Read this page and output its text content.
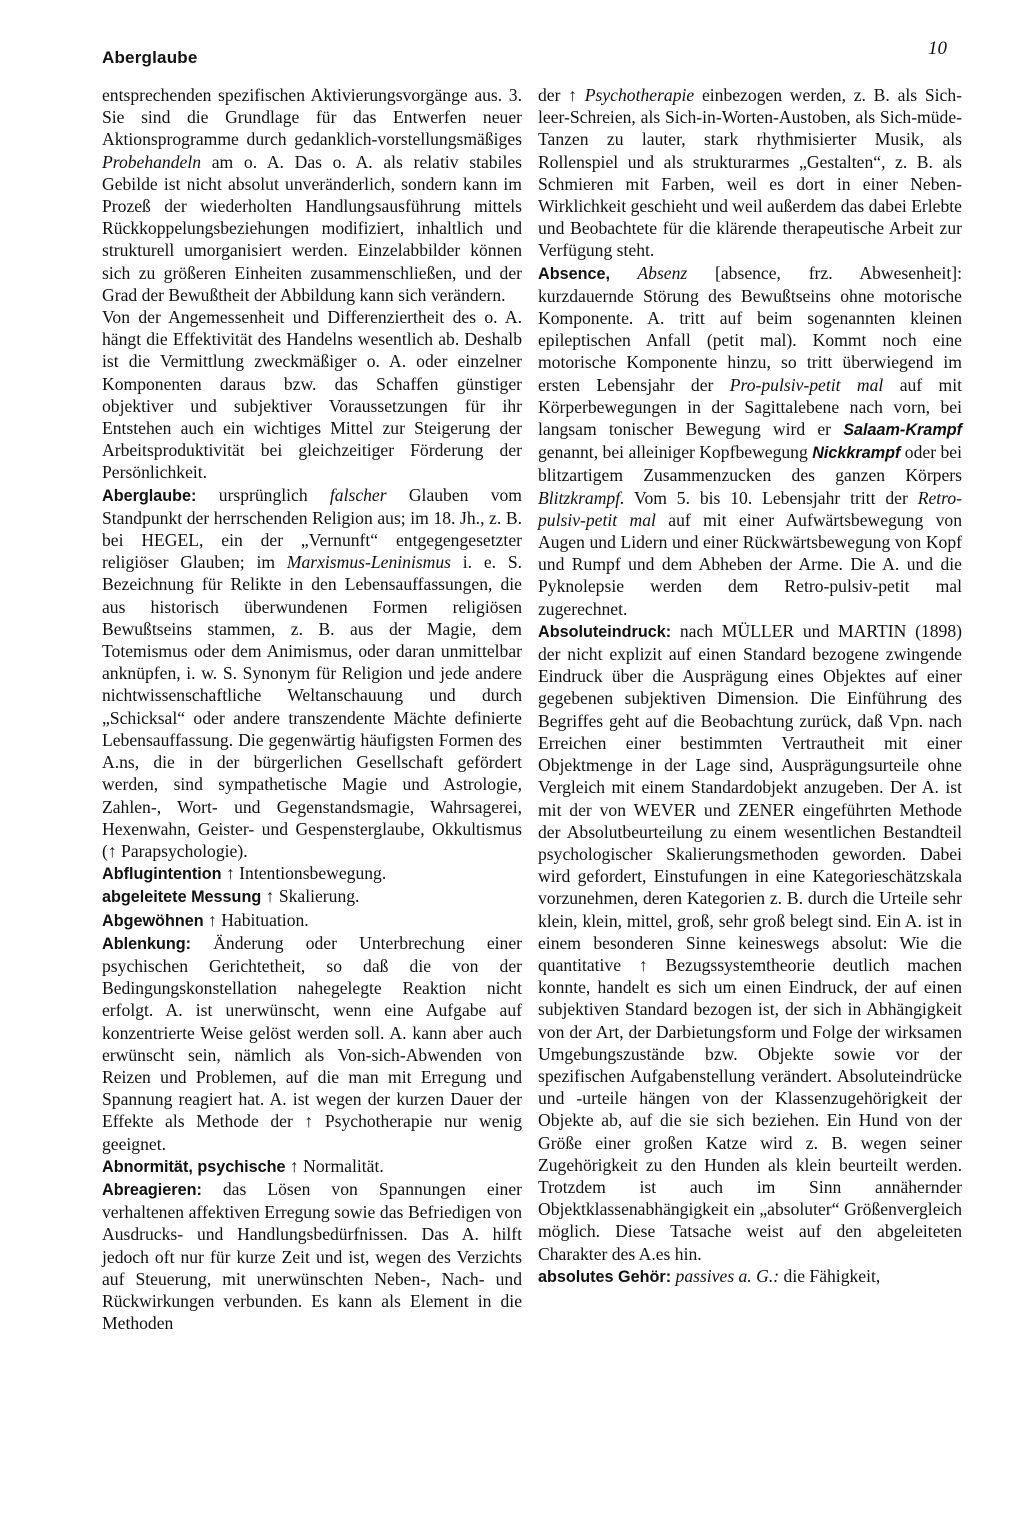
Aberglaube	10

entsprechenden spezifischen Aktivierungsvorgänge aus. 3. Sie sind die Grundlage für das Entwerfen neuer Aktionsprogramme durch gedanklich-vorstellungsmäßiges Probehandeln am o. A. Das o. A. als relativ stabiles Gebilde ist nicht absolut unveränderlich, sondern kann im Prozeß der wiederholten Handlungsausführung mittels Rückkoppelungsbeziehungen modifiziert, inhaltlich und strukturell umorganisiert werden. Einzelabbilder können sich zu größeren Einheiten zusammenschließen, und der Grad der Bewußtheit der Abbildung kann sich verändern.

Von der Angemessenheit und Differenziertheit des o. A. hängt die Effektivität des Handelns wesentlich ab. Deshalb ist die Vermittlung zweckmäßiger o. A. oder einzelner Komponenten daraus bzw. das Schaffen günstiger objektiver und subjektiver Voraussetzungen für ihr Entstehen auch ein wichtiges Mittel zur Steigerung der Arbeitsproduktivität bei gleichzeitiger Förderung der Persönlichkeit.

Aberglaube: ursprünglich falscher Glauben vom Standpunkt der herrschenden Religion aus; im 18. Jh., z. B. bei HEGEL, ein der „Vernunft“ entgegengesetzter religiöser Glauben; im Marxismus-Leninismus i. e. S. Bezeichnung für Relikte in den Lebensauffassungen, die aus historisch überwundenen Formen religiösen Bewußtseins stammen, z. B. aus der Magie, dem Totemismus oder dem Animismus, oder daran unmittelbar anknüpfen, i. w. S. Synonym für Religion und jede andere nichtwissenschaftliche Weltanschauung und durch „Schicksal“ oder andere transzendente Mächte definierte Lebensauffassung. Die gegenwärtig häufigsten Formen des A.ns, die in der bürgerlichen Gesellschaft gefördert werden, sind sympathetische Magie und Astrologie, Zahlen-, Wort- und Gegenstandsmagie, Wahrsagerei, Hexenwahn, Geister- und Gespensterglaube, Okkultismus (↑ Parapsychologie).

Abflugintention ↑ Intentionsbewegung.

abgeleitete Messung ↑ Skalierung.

Abgewöhnen ↑ Habituation.

Ablenkung: Änderung oder Unterbrechung einer psychischen Gerichtetheit, so daß die von der Bedingungskonstellation nahegelegte Reaktion nicht erfolgt. A. ist unerwünscht, wenn eine Aufgabe auf konzentrierte Weise gelöst werden soll. A. kann aber auch erwünscht sein, nämlich als Von-sich-Abwenden von Reizen und Problemen, auf die man mit Erregung und Spannung reagiert hat. A. ist wegen der kurzen Dauer der Effekte als Methode der ↑ Psychotherapie nur wenig geeignet.

Abnormität, psychische ↑ Normalität.

Abreagieren: das Lösen von Spannungen einer verhaltenen affektiven Erregung sowie das Befriedigen von Ausdrucks- und Handlungsbedürfnissen. Das A. hilft jedoch oft nur für kurze Zeit und ist, wegen des Verzichts auf Steuerung, mit unerwünschten Neben-, Nach- und Rückwirkungen verbunden. Es kann als Element in die Methoden

der ↑ Psychotherapie einbezogen werden, z. B. als Sich-leer-Schreien, als Sich-in-Worten-Austoben, als Sich-müde-Tanzen zu lauter, stark rhythmisierter Musik, als Rollenspiel und als strukturarmes „Gestalten“, z. B. als Schmieren mit Farben, weil es dort in einer Neben-Wirklichkeit geschieht und weil außerdem das dabei Erlebte und Beobachtete für die klärende therapeutische Arbeit zur Verfügung steht.

Absence, Absenz [absence, frz. Abwesenheit]: kurzdauernde Störung des Bewußtseins ohne motorische Komponente. A. tritt auf beim sogenannten kleinen epileptischen Anfall (petit mal). Kommt noch eine motorische Komponente hinzu, so tritt überwiegend im ersten Lebensjahr der Pro-pulsiv-petit mal auf mit Körperbewegungen in der Sagittalebene nach vorn, bei langsam tonischer Bewegung wird er Salaam-Krampf genannt, bei alleiniger Kopfbewegung Nickkrampf oder bei blitzartigem Zusammenzucken des ganzen Körpers Blitzkrampf. Vom 5. bis 10. Lebensjahr tritt der Retro-pulsiv-petit mal auf mit einer Aufwärtsbewegung von Augen und Lidern und einer Rückwärtsbewegung von Kopf und Rumpf und dem Abheben der Arme. Die A. und die Pyknolepsie werden dem Retro-pulsiv-petit mal zugerechnet.

Absoluteindruck: nach MÜLLER und MARTIN (1898) der nicht explizit auf einen Standard bezogene zwingende Eindruck über die Ausprägung eines Objektes auf einer gegebenen subjektiven Dimension. Die Einführung des Begriffes geht auf die Beobachtung zurück, daß Vpn. nach Erreichen einer bestimmten Vertrautheit mit einer Objektmenge in der Lage sind, Ausprägungsurteile ohne Vergleich mit einem Standardobjekt anzugeben. Der A. ist mit der von WEVER und ZENER eingeführten Methode der Absolutbeurteilung zu einem wesentlichen Bestandteil psychologischer Skalierungsmethoden geworden. Dabei wird gefordert, Einstufungen in eine Kategorieschätzskala vorzunehmen, deren Kategorien z. B. durch die Urteile sehr klein, klein, mittel, groß, sehr groß belegt sind. Ein A. ist in einem besonderen Sinne keineswegs absolut: Wie die quantitative ↑ Bezugssystemtheorie deutlich machen konnte, handelt es sich um einen Eindruck, der auf einen subjektiven Standard bezogen ist, der sich in Abhängigkeit von der Art, der Darbietungsform und Folge der wirksamen Umgebungszustände bzw. Objekte sowie vor der spezifischen Aufgabenstellung verändert. Absoluteindrücke und -urteile hängen von der Klassenzugehörigkeit der Objekte ab, auf die sie sich beziehen. Ein Hund von der Größe einer großen Katze wird z. B. wegen seiner Zugehörigkeit zu den Hunden als klein beurteilt werden. Trotzdem ist auch im Sinn annähernder Objektklassenabhängigkeit ein „absoluter“ Größenvergleich möglich. Diese Tatsache weist auf den abgeleiteten Charakter des A.es hin.

absolutes Gehör: passives a. G.: die Fähigkeit,
